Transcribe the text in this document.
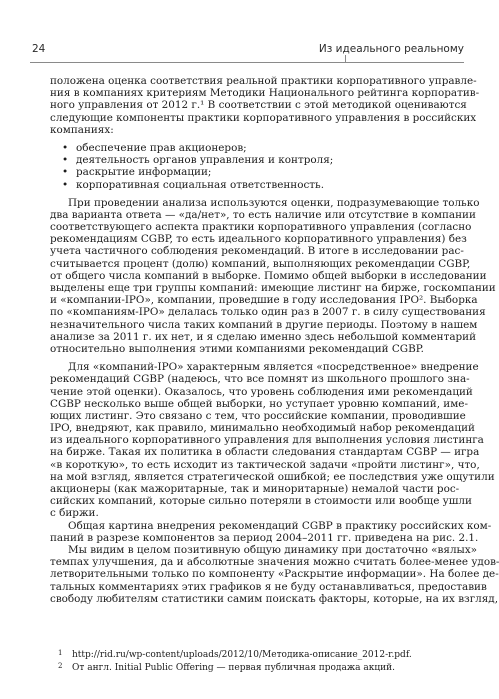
24	Из идеального реальному
положена оценка соответствия реальной практики корпоративного управле-
ния в компаниях критериям Методики Национального рейтинга корпоратив-
ного управления от 2012 г.¹ В соответствии с этой методикой оцениваются
следующие компоненты практики корпоративного управления в российских
компаниях:
• обеспечение прав акционеров;
• деятельность органов управления и контроля;
• раскрытие информации;
• корпоративная социальная ответственность.
При проведении анализа используются оценки, подразумевающие только
два варианта ответа — «да/нет», то есть наличие или отсутствие в компании
соответствующего аспекта практики корпоративного управления (согласно
рекомендациям CGBP, то есть идеального корпоративного управления) без
учета частичного соблюдения рекомендаций. В итоге в исследовании рас-
считывается процент (долю) компаний, выполняющих рекомендации CGBP,
от общего числа компаний в выборке. Помимо общей выборки в исследовании
выделены еще три группы компаний: имеющие листинг на бирже, госкомпании
и «компании-IPO», компании, проведшие в году исследования IPO². Выборка
по «компаниям-IPO» делалась только один раз в 2007 г. в силу существования
незначительного числа таких компаний в другие периоды. Поэтому в нашем
анализе за 2011 г. их нет, и я сделаю именно здесь небольшой комментарий
относительно выполнения этими компаниями рекомендаций CGBP.
Для «компаний-IPO» характерным является «посредственное» внедрение
рекомендаций CGBP (надеюсь, что все помнят из школьного прошлого зна-
чение этой оценки). Оказалось, что уровень соблюдения ими рекомендаций
CGBP несколько выше общей выборки, но уступает уровню компаний, име-
ющих листинг. Это связано с тем, что российские компании, проводившие
IPO, внедряют, как правило, минимально необходимый набор рекомендаций
из идеального корпоративного управления для выполнения условия листинга
на бирже. Такая их политика в области следования стандартам CGBP — игра
«в короткую», то есть исходит из тактической задачи «пройти листинг», что,
на мой взгляд, является стратегической ошибкой; ее последствия уже ощутили
акционеры (как мажоритарные, так и миноритарные) немалой части рос-
сийских компаний, которые сильно потеряли в стоимости или вообще ушли
с биржи.
Общая картина внедрения рекомендаций CGBP в практику российских ком-
паний в разрезе компонентов за период 2004–2011 гг. приведена на рис. 2.1.
Мы видим в целом позитивную общую динамику при достаточно «вялых»
темпах улучшения, да и абсолютные значения можно считать более-менее удов-
летворительными только по компоненту «Раскрытие информации». На более де-
тальных комментариях этих графиков я не буду останавливаться, предоставив
свободу любителям статистики самим поискать факторы, которые, на их взгляд,
1 http://rid.ru/wp-content/uploads/2012/10/Методика-описание_2012-r.pdf.
2 От англ. Initial Public Offering — первая публичная продажа акций.
